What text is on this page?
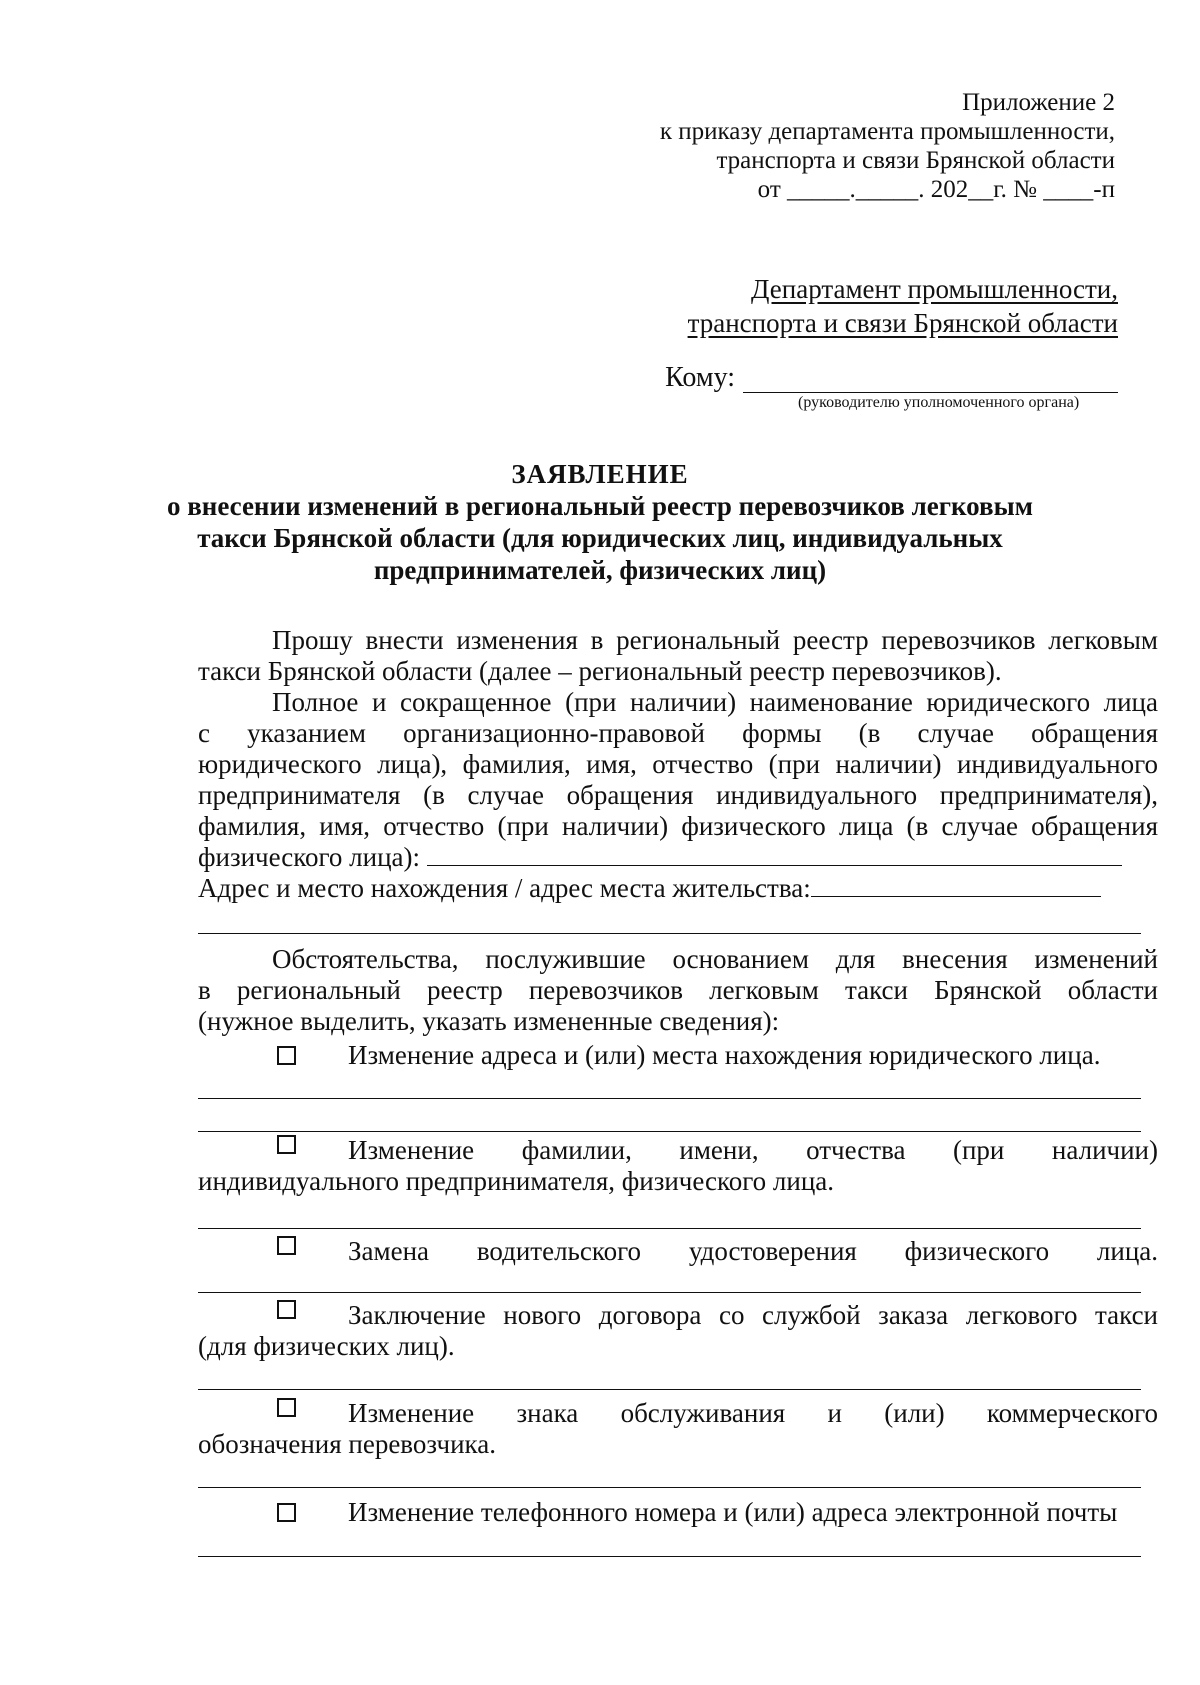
Приложение 2
к приказу департамента промышленности,
транспорта и связи Брянской области
от _____._____. 202__г. № ____-п
Департамент промышленности,
транспорта и связи Брянской области
Кому:
(руководителю уполномоченного органа)
ЗАЯВЛЕНИЕ
о внесении изменений в региональный реестр перевозчиков легковым
такси Брянской области (для юридических лиц, индивидуальных
предпринимателей, физических лиц)
Прошу внести изменения в региональный реестр перевозчиков легковым
такси Брянской области (далее – региональный реестр перевозчиков).
Полное и сокращенное (при наличии) наименование юридического лица
с указанием организационно-правовой формы (в случае обращения
юридического лица), фамилия, имя, отчество (при наличии) индивидуального
предпринимателя (в случае обращения индивидуального предпринимателя),
фамилия, имя, отчество (при наличии) физического лица (в случае обращения
физического лица):
Адрес и место нахождения / адрес места жительства:
Обстоятельства, послужившие основанием для внесения изменений
в региональный реестр перевозчиков легковым такси Брянской области
(нужное выделить, указать измененные сведения):
Изменение адреса и (или) места нахождения юридического лица.
Изменение фамилии, имени, отчества (при наличии)
индивидуального предпринимателя, физического лица.
Замена водительского удостоверения физического лица.
Заключение нового договора со службой заказа легкового такси
(для физических лиц).
Изменение знака обслуживания и (или) коммерческого
обозначения перевозчика.
Изменение телефонного номера и (или) адреса электронной почты
